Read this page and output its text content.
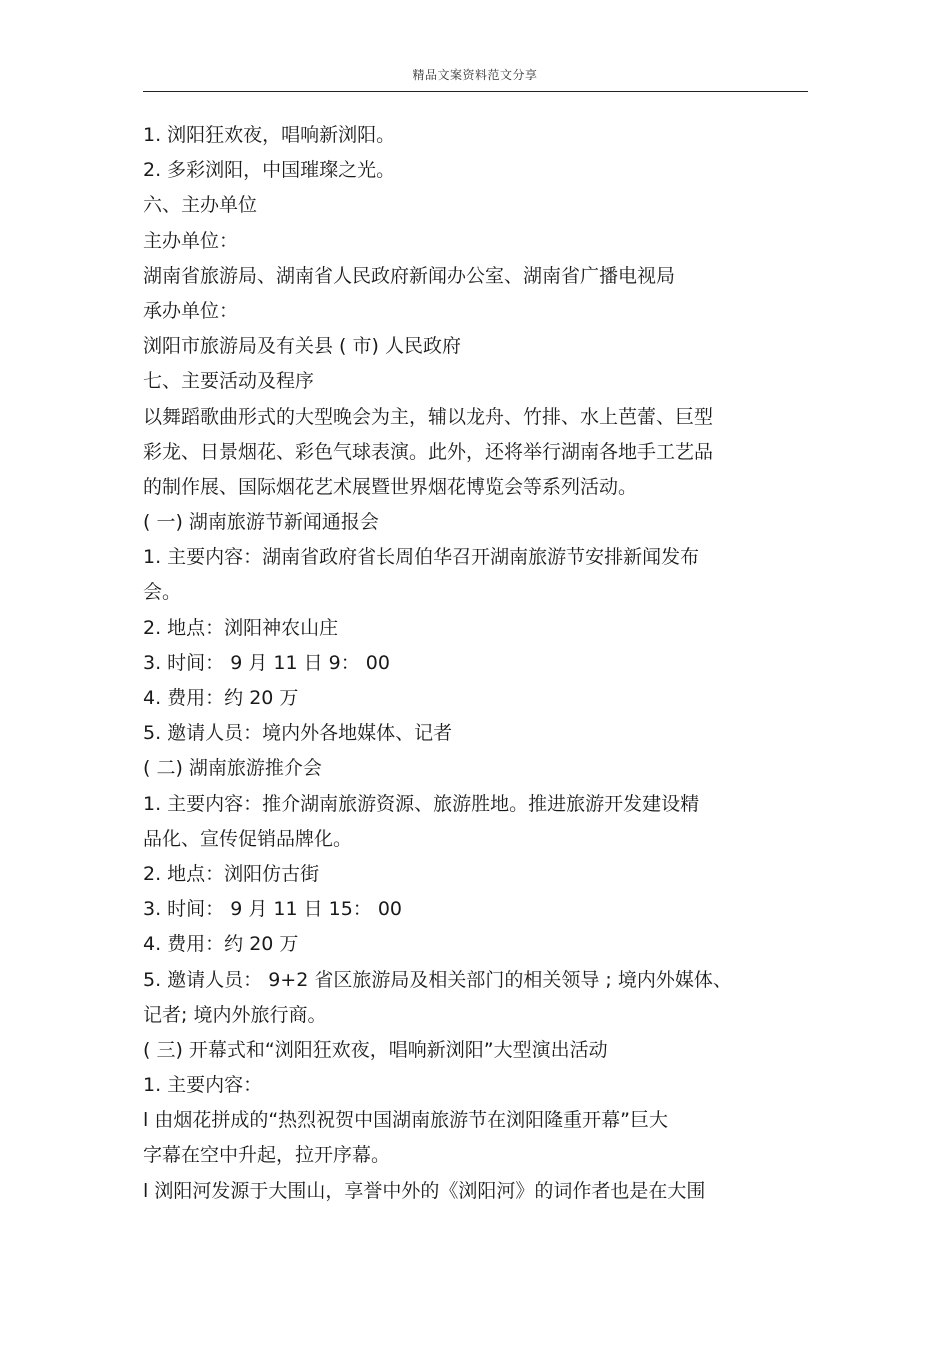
精品文案资料范文分享
1. 浏阳狂欢夜，唱响新浏阳。
2. 多彩浏阳，中国璀璨之光。
六、主办单位
主办单位：
湖南省旅游局、湖南省人民政府新闻办公室、湖南省广播电视局
承办单位：
浏阳市旅游局及有关县 ( 市) 人民政府
七、主要活动及程序
以舞蹈歌曲形式的大型晚会为主，辅以龙舟、竹排、水上芭蕾、巨型
彩龙、日景烟花、彩色气球表演。此外，还将举行湖南各地手工艺品
的制作展、国际烟花艺术展暨世界烟花博览会等系列活动。
( 一) 湖南旅游节新闻通报会
1. 主要内容：湖南省政府省长周伯华召开湖南旅游节安排新闻发布
会。
2. 地点：浏阳神农山庄
3. 时间： 9 月 11 日 9： 00
4. 费用：约 20 万
5. 邀请人员：境内外各地媒体、记者
( 二) 湖南旅游推介会
1. 主要内容：推介湖南旅游资源、旅游胜地。推进旅游开发建设精
品化、宣传促销品牌化。
2. 地点：浏阳仿古街
3. 时间： 9 月 11 日 15： 00
4. 费用：约 20 万
5. 邀请人员： 9+2 省区旅游局及相关部门的相关领导 ; 境内外媒体、
记者; 境内外旅行商。
( 三) 开幕式和“浏阳狂欢夜，唱响新浏阳”大型演出活动
1. 主要内容：
l 由烟花拼成的“热烈祝贺中国湖南旅游节在浏阳隆重开幕”巨大
字幕在空中升起，拉开序幕。
l 浏阳河发源于大围山，享誉中外的《浏阳河》的词作者也是在大围
